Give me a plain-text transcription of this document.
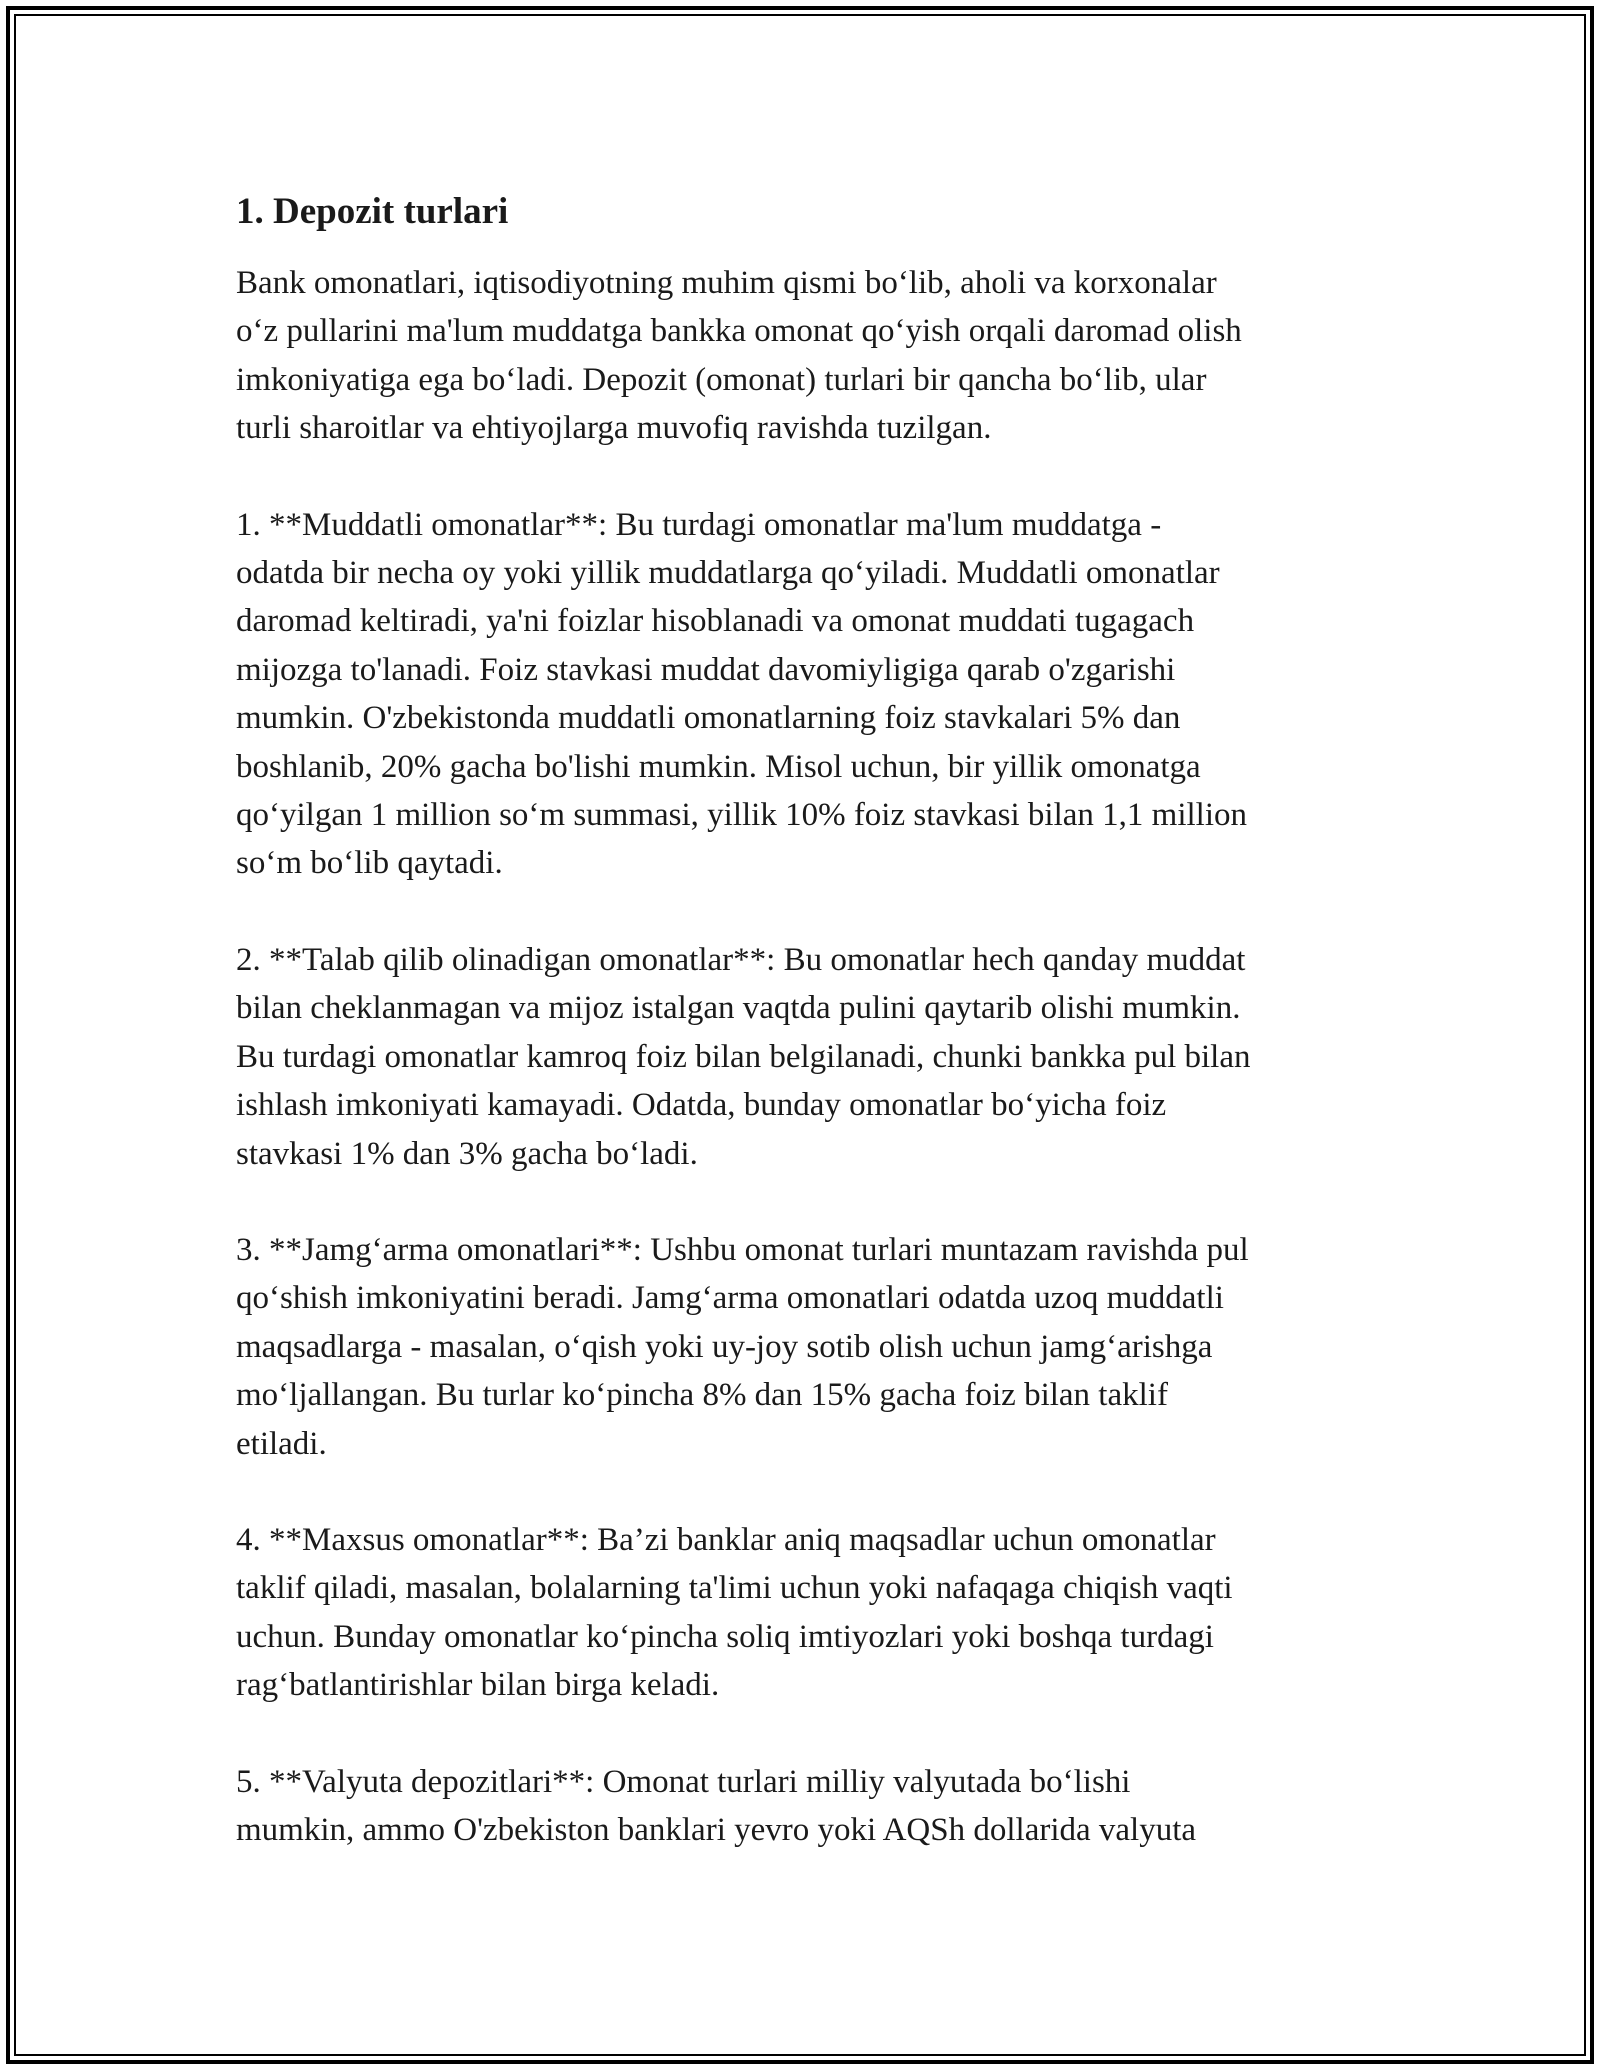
1. Depozit turlari
Bank omonatlari, iqtisodiyotning muhim qismi bo‘lib, aholi va korxonalar
o‘z pullarini ma'lum muddatga bankka omonat qo‘yish orqali daromad olish
imkoniyatiga ega bo‘ladi. Depozit (omonat) turlari bir qancha bo‘lib, ular
turli sharoitlar va ehtiyojlarga muvofiq ravishda tuzilgan.
1. **Muddatli omonatlar**: Bu turdagi omonatlar ma'lum muddatga -
odatda bir necha oy yoki yillik muddatlarga qo‘yiladi. Muddatli omonatlar
daromad keltiradi, ya'ni foizlar hisoblanadi va omonat muddati tugagach
mijozga to'lanadi. Foiz stavkasi muddat davomiyligiga qarab o'zgarishi
mumkin. O'zbekistonda muddatli omonatlarning foiz stavkalari 5% dan
boshlanib, 20% gacha bo'lishi mumkin. Misol uchun, bir yillik omonatga
qo‘yilgan 1 million so‘m summasi, yillik 10% foiz stavkasi bilan 1,1 million
so‘m bo‘lib qaytadi.
2. **Talab qilib olinadigan omonatlar**: Bu omonatlar hech qanday muddat
bilan cheklanmagan va mijoz istalgan vaqtda pulini qaytarib olishi mumkin.
Bu turdagi omonatlar kamroq foiz bilan belgilanadi, chunki bankka pul bilan
ishlash imkoniyati kamayadi. Odatda, bunday omonatlar bo‘yicha foiz
stavkasi 1% dan 3% gacha bo‘ladi.
3. **Jamg‘arma omonatlari**: Ushbu omonat turlari muntazam ravishda pul
qo‘shish imkoniyatini beradi. Jamg‘arma omonatlari odatda uzoq muddatli
maqsadlarga - masalan, o‘qish yoki uy-joy sotib olish uchun jamg‘arishga
mo‘ljallangan. Bu turlar ko‘pincha 8% dan 15% gacha foiz bilan taklif
etiladi.
4. **Maxsus omonatlar**: Ba’zi banklar aniq maqsadlar uchun omonatlar
taklif qiladi, masalan, bolalarning ta'limi uchun yoki nafaqaga chiqish vaqti
uchun. Bunday omonatlar ko‘pincha soliq imtiyozlari yoki boshqa turdagi
rag‘batlantirishlar bilan birga keladi.
5. **Valyuta depozitlari**: Omonat turlari milliy valyutada bo‘lishi
mumkin, ammo O'zbekiston banklari yevro yoki AQSh dollarida valyuta
